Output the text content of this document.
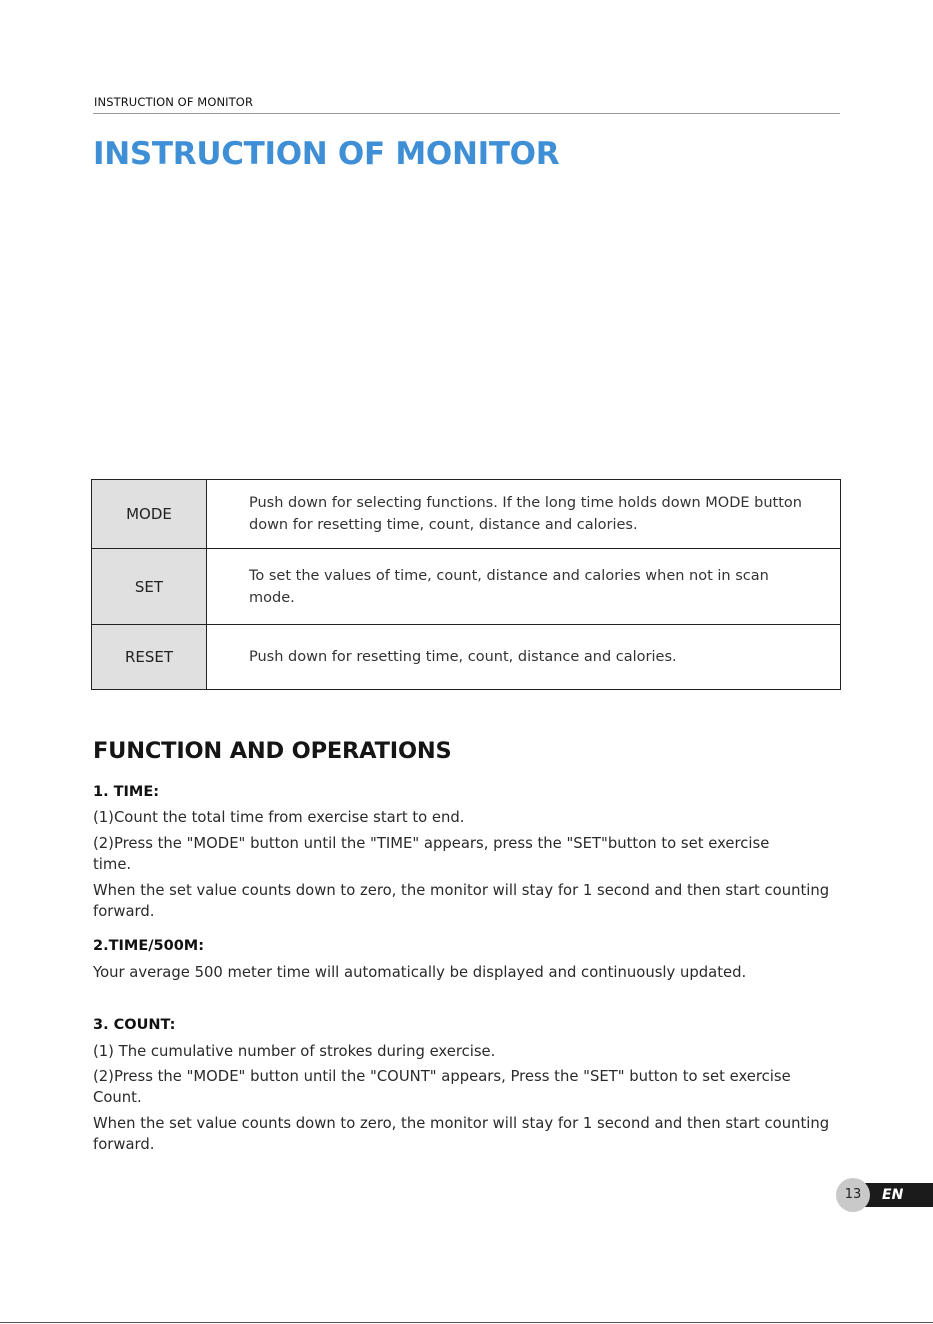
INSTRUCTION OF MONITOR
INSTRUCTION OF MONITOR
MODE	Push down for selecting functions. If the long time holds down MODE button down for resetting time, count, distance and calories.
SET	To set the values of time, count, distance and calories when not in scan mode.
RESET	Push down for resetting time, count, distance and calories.
FUNCTION AND OPERATIONS
1. TIME:

(1)Count the total time from exercise start to end.

(2)Press the "MODE" button until the "TIME" appears, press the "SET"button to set exercise time.

When the set value counts down to zero, the monitor will stay for 1 second and then start counting forward.

2.TIME/500M:

Your average 500 meter time will automatically be displayed and continuously updated.

3. COUNT:

(1) The cumulative number of strokes during exercise.

(2)Press the "MODE" button until the "COUNT" appears, Press the "SET" button to set exercise Count.

When the set value counts down to zero, the monitor will stay for 1 second and then start counting forward.

EN
13
